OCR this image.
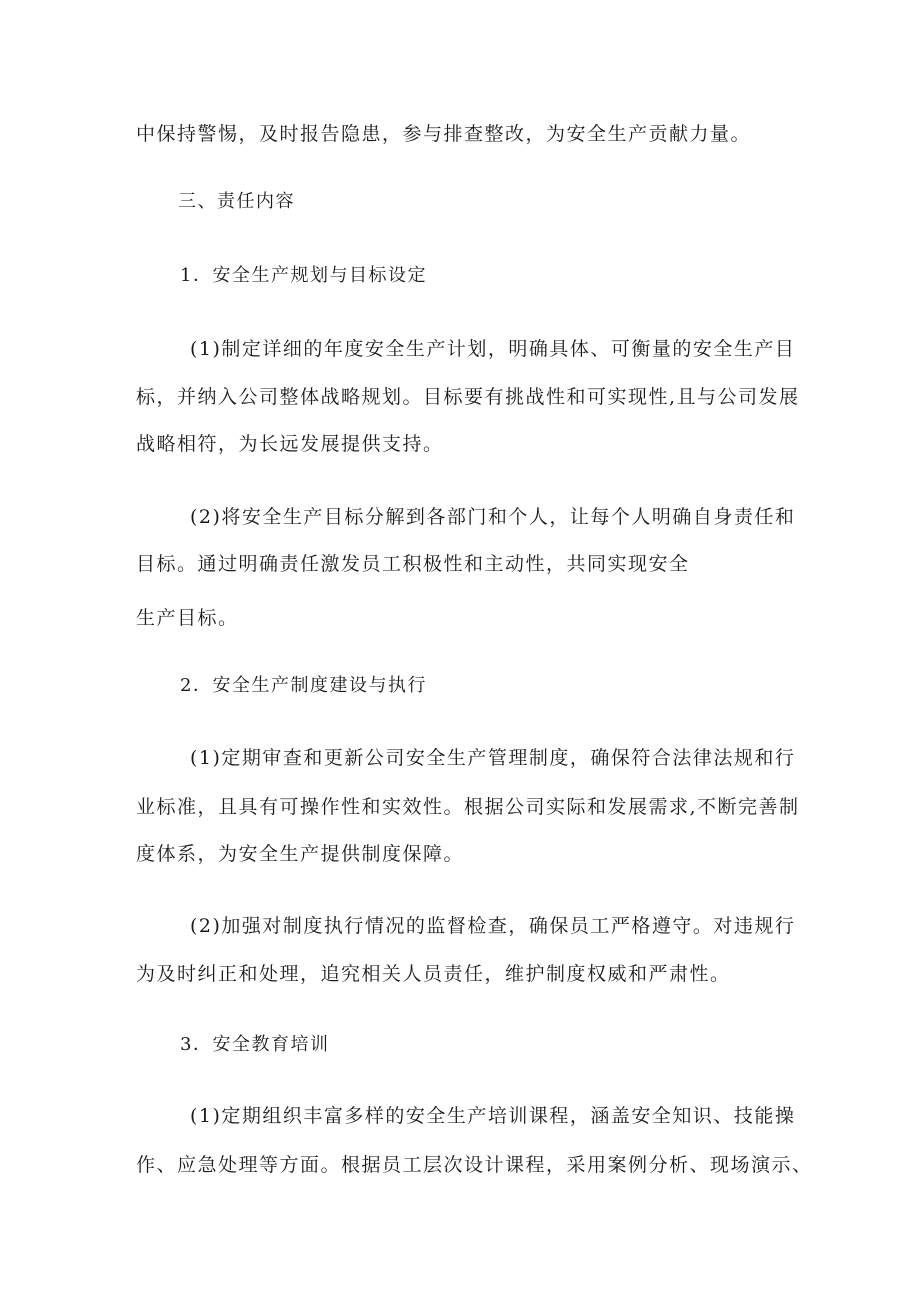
中保持警惕，及时报告隐患，参与排查整改，为安全生产贡献力量。
三、责任内容
1．安全生产规划与目标设定
(1)制定详细的年度安全生产计划，明确具体、可衡量的安全生产目
标，并纳入公司整体战略规划。目标要有挑战性和可实现性,且与公司发展
战略相符，为长远发展提供支持。
(2)将安全生产目标分解到各部门和个人，让每个人明确自身责任和
目标。通过明确责任激发员工积极性和主动性，共同实现安全
生产目标。
2．安全生产制度建设与执行
(1)定期审查和更新公司安全生产管理制度，确保符合法律法规和行
业标准，且具有可操作性和实效性。根据公司实际和发展需求,不断完善制
度体系，为安全生产提供制度保障。
(2)加强对制度执行情况的监督检查，确保员工严格遵守。对违规行
为及时纠正和处理，追究相关人员责任，维护制度权威和严肃性。
3．安全教育培训
(1)定期组织丰富多样的安全生产培训课程，涵盖安全知识、技能操
作、应急处理等方面。根据员工层次设计课程，采用案例分析、现场演示、
